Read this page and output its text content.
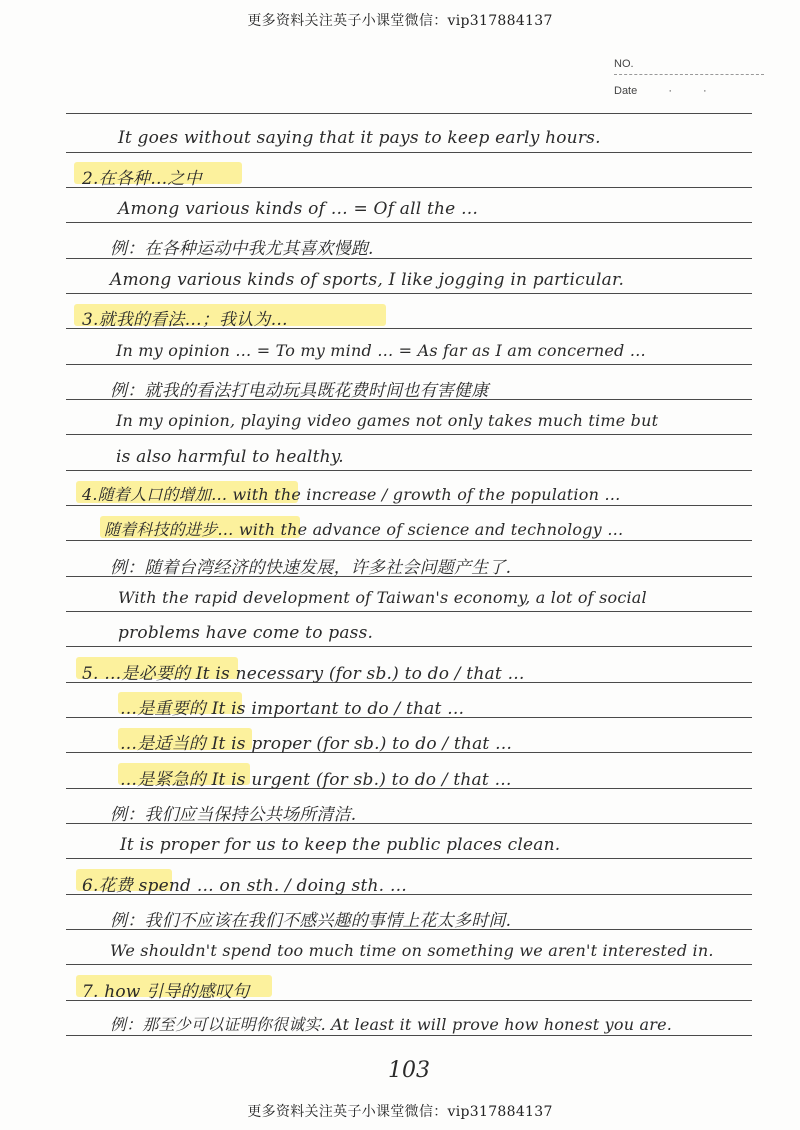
更多资料关注英子小课堂微信：vip317884137
NO.
Date	· ·
It goes without saying that it pays to keep early hours.
2.在各种…之中
Among various kinds of … = Of all the …
例：在各种运动中我尤其喜欢慢跑.
Among various kinds of sports, I like jogging in particular.
3.就我的看法…；我认为…
In my opinion … = To my mind … = As far as I am concerned …
例：就我的看法打电动玩具既花费时间也有害健康
In my opinion, playing video games not only takes much time but
is also harmful to healthy.
4.随着人口的增加… with the increase / growth of the population …
随着科技的进步… with the advance of science and technology …
例：随着台湾经济的快速发展，许多社会问题产生了.
With the rapid development of Taiwan's economy, a lot of social
problems have come to pass.
5. …是必要的 It is necessary (for sb.) to do / that …
…是重要的 It is important to do / that …
…是适当的 It is proper (for sb.) to do / that …
…是紧急的 It is urgent (for sb.) to do / that …
例：我们应当保持公共场所清洁.
It is proper for us to keep the public places clean.
6.花费 spend … on sth. / doing sth. …
例：我们不应该在我们不感兴趣的事情上花太多时间.
We shouldn't spend too much time on something we aren't interested in.
7. how 引导的感叹句
例：那至少可以证明你很诚实. At least it will prove how honest you are.
103
更多资料关注英子小课堂微信：vip317884137
